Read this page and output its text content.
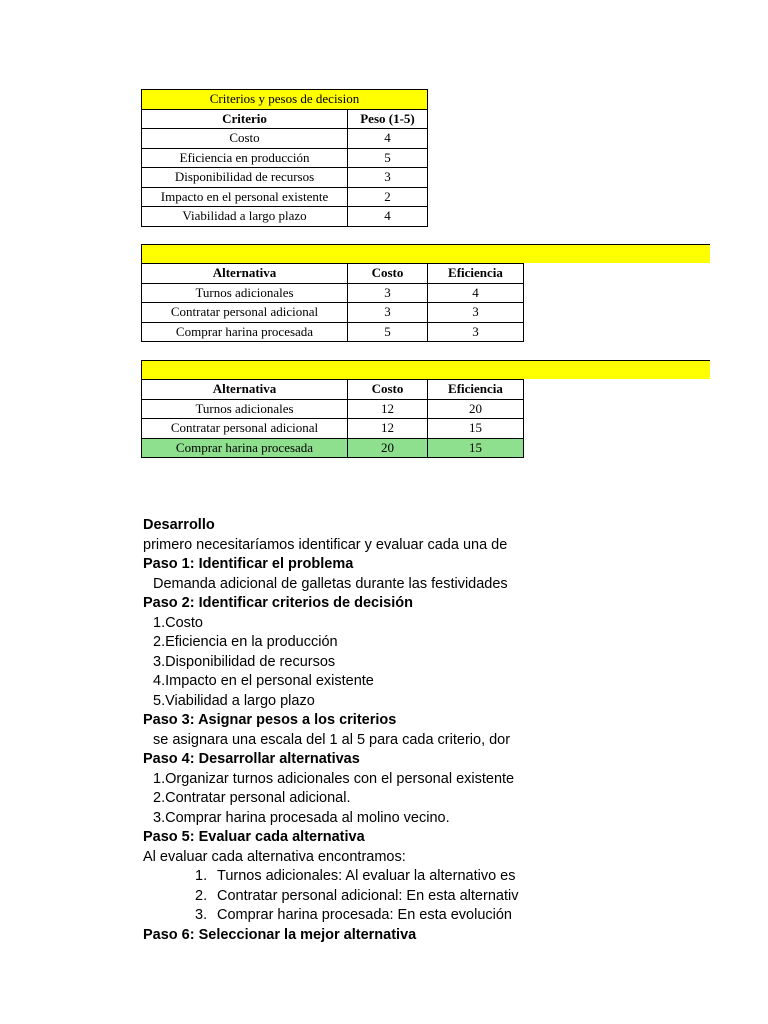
Criterios y pesos de decision	
Criterio	Peso (1-5)
Costo	4
Eficiencia en producción	5
Disponibilidad de recursos	3
Impacto en el personal existente	2
Viabilidad a largo plazo	4
Alternativa	Costo	Eficiencia
Turnos adicionales	3	4
Contratar personal adicional	3	3
Comprar harina procesada	5	3
Alternativa	Costo	Eficiencia
Turnos adicionales	12	20
Contratar personal adicional	12	15
Comprar harina procesada	20	15
Desarrollo
primero necesitaríamos identificar y evaluar cada una de
Paso 1: Identificar el problema
Demanda adicional de galletas durante las festividades
Paso 2: Identificar criterios de decisión
1.Costo
2.Eficiencia en la producción
3.Disponibilidad de recursos
4.Impacto en el personal existente
5.Viabilidad a largo plazo
Paso 3: Asignar pesos a los criterios
se asignara una escala del 1 al 5 para cada criterio, dor
Paso 4: Desarrollar alternativas
1.Organizar turnos adicionales con el personal existente
2.Contratar personal adicional.
3.Comprar harina procesada al molino vecino.
Paso 5: Evaluar cada alternativa
Al evaluar cada alternativa encontramos:
1. Turnos adicionales: Al evaluar la alternativo es
2. Contratar personal adicional: En esta alternativ
3. Comprar harina procesada: En esta evolución
Paso 6: Seleccionar la mejor alternativa
